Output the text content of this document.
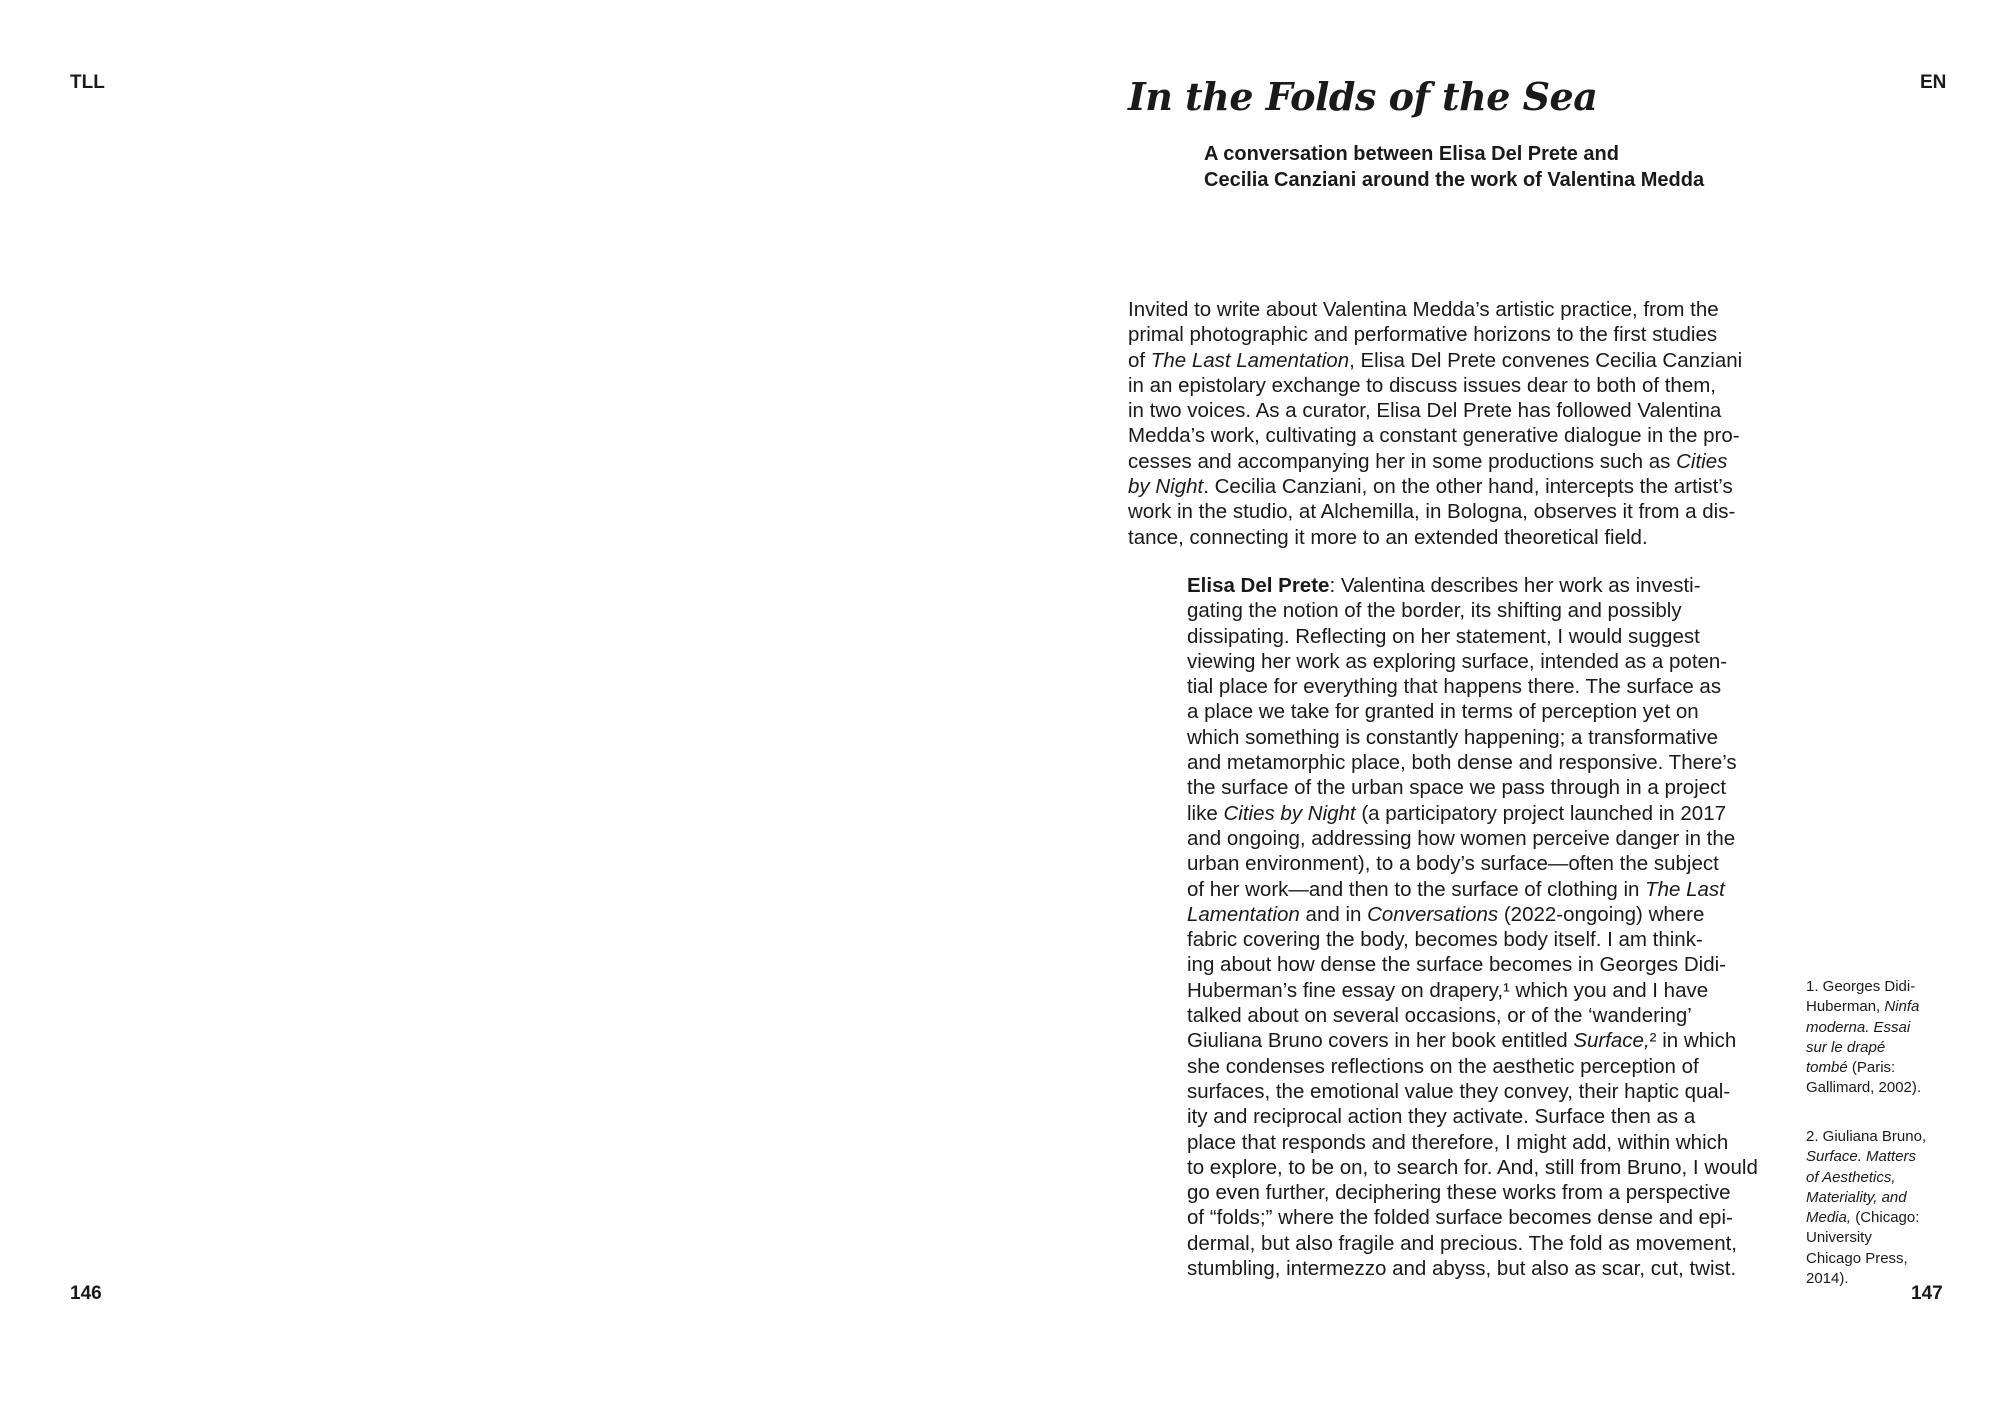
TLL	EN
In the Folds of the Sea
A conversation between Elisa Del Prete and
Cecilia Canziani around the work of Valentina Medda
Invited to write about Valentina Medda’s artistic practice, from the
primal photographic and performative horizons to the first studies
of The Last Lamentation, Elisa Del Prete convenes Cecilia Canziani
in an epistolary exchange to discuss issues dear to both of them,
in two voices. As a curator, Elisa Del Prete has followed Valentina
Medda’s work, cultivating a constant generative dialogue in the pro-
cesses and accompanying her in some productions such as Cities
by Night. Cecilia Canziani, on the other hand, intercepts the artist’s
work in the studio, at Alchemilla, in Bologna, observes it from a dis-
tance, connecting it more to an extended theoretical field.
Elisa Del Prete: Valentina describes her work as investi-
gating the notion of the border, its shifting and possibly
dissipating. Reflecting on her statement, I would suggest
viewing her work as exploring surface, intended as a poten-
tial place for everything that happens there. The surface as
a place we take for granted in terms of perception yet on
which something is constantly happening; a transformative
and metamorphic place, both dense and responsive. There’s
the surface of the urban space we pass through in a project
like Cities by Night (a participatory project launched in 2017
and ongoing, addressing how women perceive danger in the
urban environment), to a body’s surface—often the subject
of her work—and then to the surface of clothing in The Last
Lamentation and in Conversations (2022-ongoing) where
fabric covering the body, becomes body itself. I am think-
ing about how dense the surface becomes in Georges Didi-
Huberman’s fine essay on drapery,¹ which you and I have
talked about on several occasions, or of the ‘wandering’
Giuliana Bruno covers in her book entitled Surface,² in which
she condenses reflections on the aesthetic perception of
surfaces, the emotional value they convey, their haptic qual-
ity and reciprocal action they activate. Surface then as a
place that responds and therefore, I might add, within which
to explore, to be on, to search for. And, still from Bruno, I would
go even further, deciphering these works from a perspective
of “folds;” where the folded surface becomes dense and epi-
dermal, but also fragile and precious. The fold as movement,
stumbling, intermezzo and abyss, but also as scar, cut, twist.
1. Georges Didi-
Huberman, Ninfa
moderna. Essai
sur le drapé
tombé (Paris:
Gallimard, 2002).
2. Giuliana Bruno,
Surface. Matters
of Aesthetics,
Materiality, and
Media, (Chicago:
University
Chicago Press,
2014).
146	147
